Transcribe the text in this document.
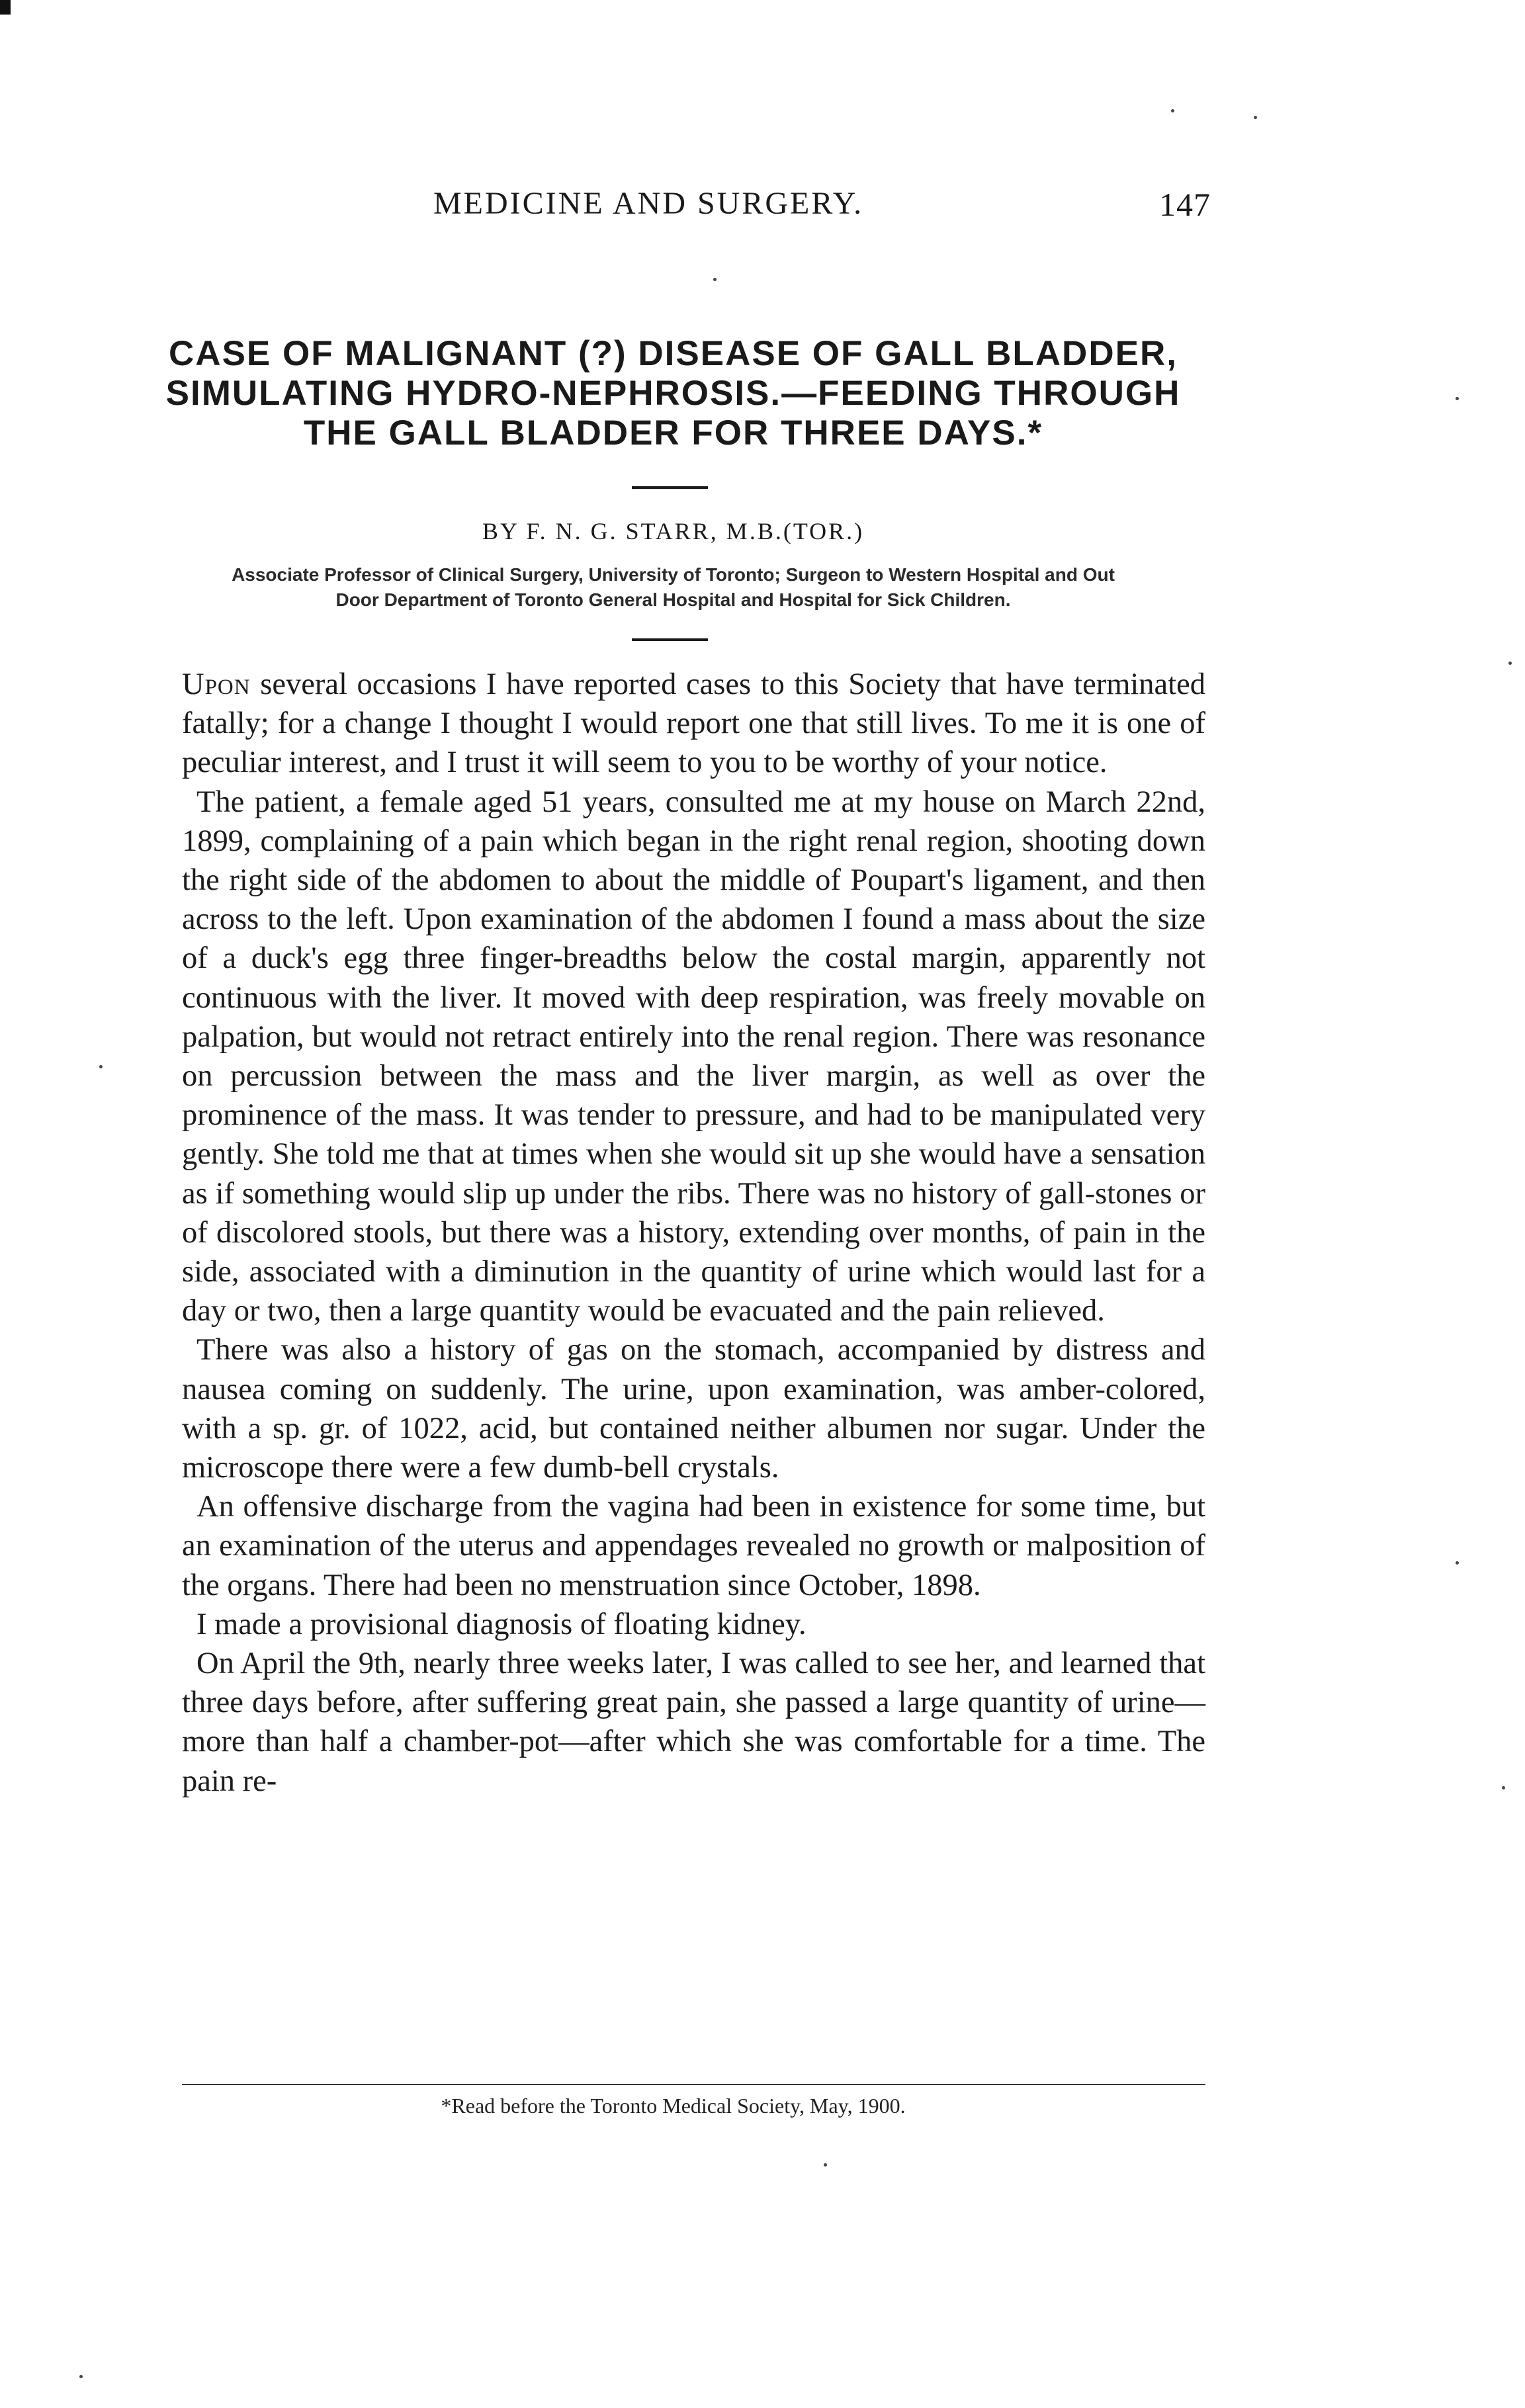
MEDICINE AND SURGERY.	147
CASE OF MALIGNANT (?) DISEASE OF GALL BLADDER,
SIMULATING HYDRO-NEPHROSIS.—FEEDING THROUGH
THE GALL BLADDER FOR THREE DAYS.*
BY F. N. G. STARR, M.B.(TOR.)
Associate Professor of Clinical Surgery, University of Toronto; Surgeon to Western Hospital and Out
Door Department of Toronto General Hospital and Hospital for Sick Children.

Upon several occasions I have reported cases to this Society that have terminated fatally; for a change I thought I would report one that still lives. To me it is one of peculiar interest, and I trust it will seem to you to be worthy of your notice.

The patient, a female aged 51 years, consulted me at my house on March 22nd, 1899, complaining of a pain which began in the right renal region, shooting down the right side of the abdomen to about the middle of Poupart's ligament, and then across to the left. Upon examination of the abdomen I found a mass about the size of a duck's egg three finger-breadths below the costal margin, apparently not continuous with the liver. It moved with deep respiration, was freely movable on palpation, but would not retract entirely into the renal region. There was resonance on percussion between the mass and the liver margin, as well as over the prominence of the mass. It was tender to pressure, and had to be manipulated very gently. She told me that at times when she would sit up she would have a sensation as if something would slip up under the ribs. There was no history of gall-stones or of discolored stools, but there was a history, extending over months, of pain in the side, associated with a diminution in the quantity of urine which would last for a day or two, then a large quantity would be evacuated and the pain relieved.

There was also a history of gas on the stomach, accompanied by distress and nausea coming on suddenly. The urine, upon examination, was amber-colored, with a sp. gr. of 1022, acid, but contained neither albumen nor sugar. Under the microscope there were a few dumb-bell crystals.

An offensive discharge from the vagina had been in existence for some time, but an examination of the uterus and appendages revealed no growth or malposition of the organs. There had been no menstruation since October, 1898.

I made a provisional diagnosis of floating kidney.

On April the 9th, nearly three weeks later, I was called to see her, and learned that three days before, after suffering great pain, she passed a large quantity of urine—more than half a chamber-pot—after which she was comfortable for a time. The pain re-

*Read before the Toronto Medical Society, May, 1900.
